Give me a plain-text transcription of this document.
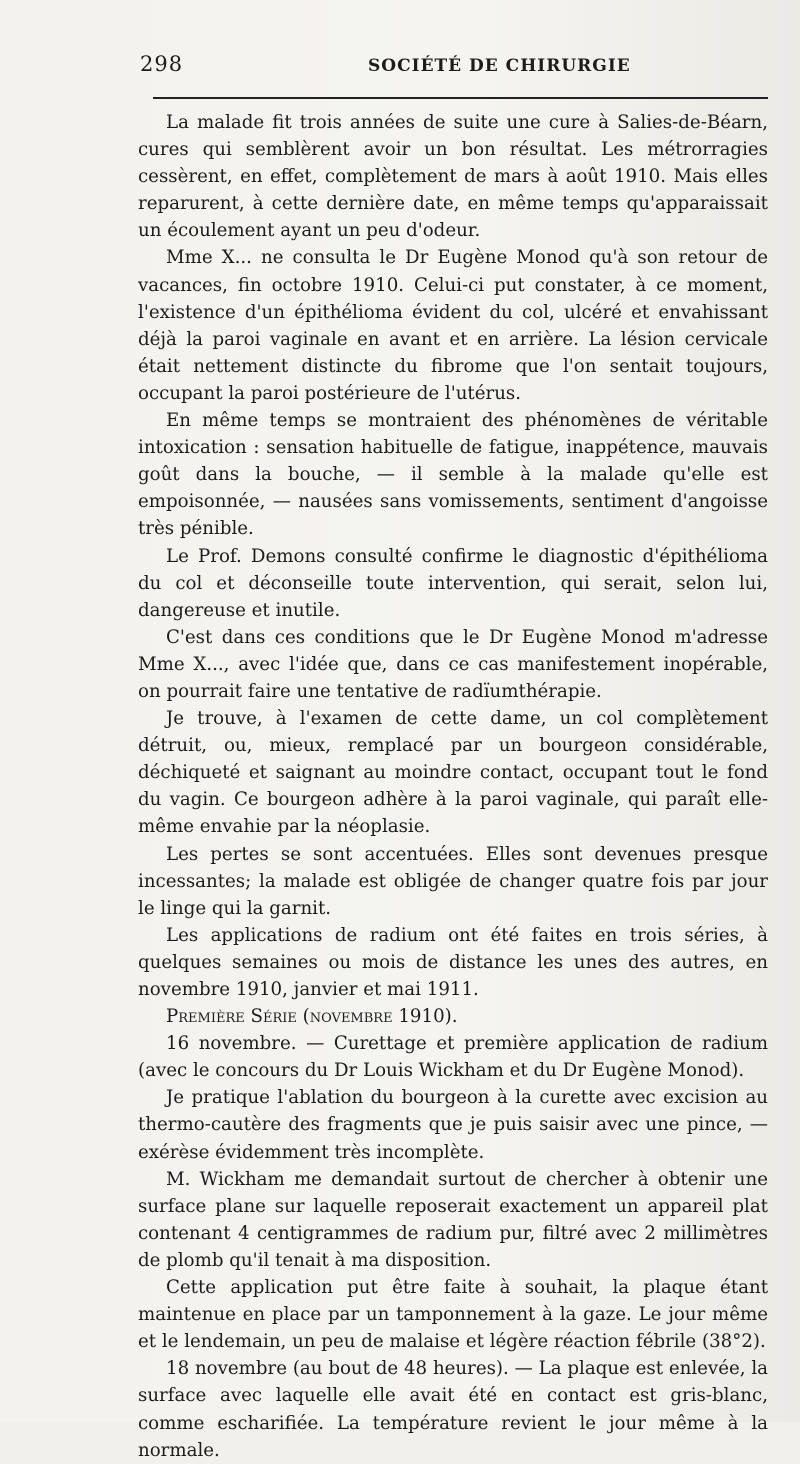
298	SOCIÉTÉ DE CHIRURGIE

La malade fit trois années de suite une cure à Salies-de-Béarn, cures qui semblèrent avoir un bon résultat. Les métrorragies cessèrent, en effet, complètement de mars à août 1910. Mais elles reparurent, à cette dernière date, en même temps qu'apparaissait un écoulement ayant un peu d'odeur.

Mme X... ne consulta le Dr Eugène Monod qu'à son retour de vacances, fin octobre 1910. Celui-ci put constater, à ce moment, l'existence d'un épithélioma évident du col, ulcéré et envahissant déjà la paroi vaginale en avant et en arrière. La lésion cervicale était nettement distincte du fibrome que l'on sentait toujours, occupant la paroi postérieure de l'utérus.

En même temps se montraient des phénomènes de véritable intoxication : sensation habituelle de fatigue, inappétence, mauvais goût dans la bouche, — il semble à la malade qu'elle est empoisonnée, — nausées sans vomissements, sentiment d'angoisse très pénible.

Le Prof. Demons consulté confirme le diagnostic d'épithélioma du col et déconseille toute intervention, qui serait, selon lui, dangereuse et inutile.

C'est dans ces conditions que le Dr Eugène Monod m'adresse Mme X..., avec l'idée que, dans ce cas manifestement inopérable, on pourrait faire une tentative de radïumthérapie.

Je trouve, à l'examen de cette dame, un col complètement détruit, ou, mieux, remplacé par un bourgeon considérable, déchiqueté et saignant au moindre contact, occupant tout le fond du vagin. Ce bourgeon adhère à la paroi vaginale, qui paraît elle-même envahie par la néoplasie.

Les pertes se sont accentuées. Elles sont devenues presque incessantes; la malade est obligée de changer quatre fois par jour le linge qui la garnit.

Les applications de radium ont été faites en trois séries, à quelques semaines ou mois de distance les unes des autres, en novembre 1910, janvier et mai 1911.

Première Série (novembre 1910).

16 novembre. — Curettage et première application de radium (avec le concours du Dr Louis Wickham et du Dr Eugène Monod).

Je pratique l'ablation du bourgeon à la curette avec excision au thermo-cautère des fragments que je puis saisir avec une pince, — exérèse évidemment très incomplète.

M. Wickham me demandait surtout de chercher à obtenir une surface plane sur laquelle reposerait exactement un appareil plat contenant 4 centigrammes de radium pur, filtré avec 2 millimètres de plomb qu'il tenait à ma disposition.

Cette application put être faite à souhait, la plaque étant maintenue en place par un tamponnement à la gaze. Le jour même et le lendemain, un peu de malaise et légère réaction fébrile (38°2).

18 novembre (au bout de 48 heures). — La plaque est enlevée, la surface avec laquelle elle avait été en contact est gris-blanc, comme escharifiée. La température revient le jour même à la normale.
